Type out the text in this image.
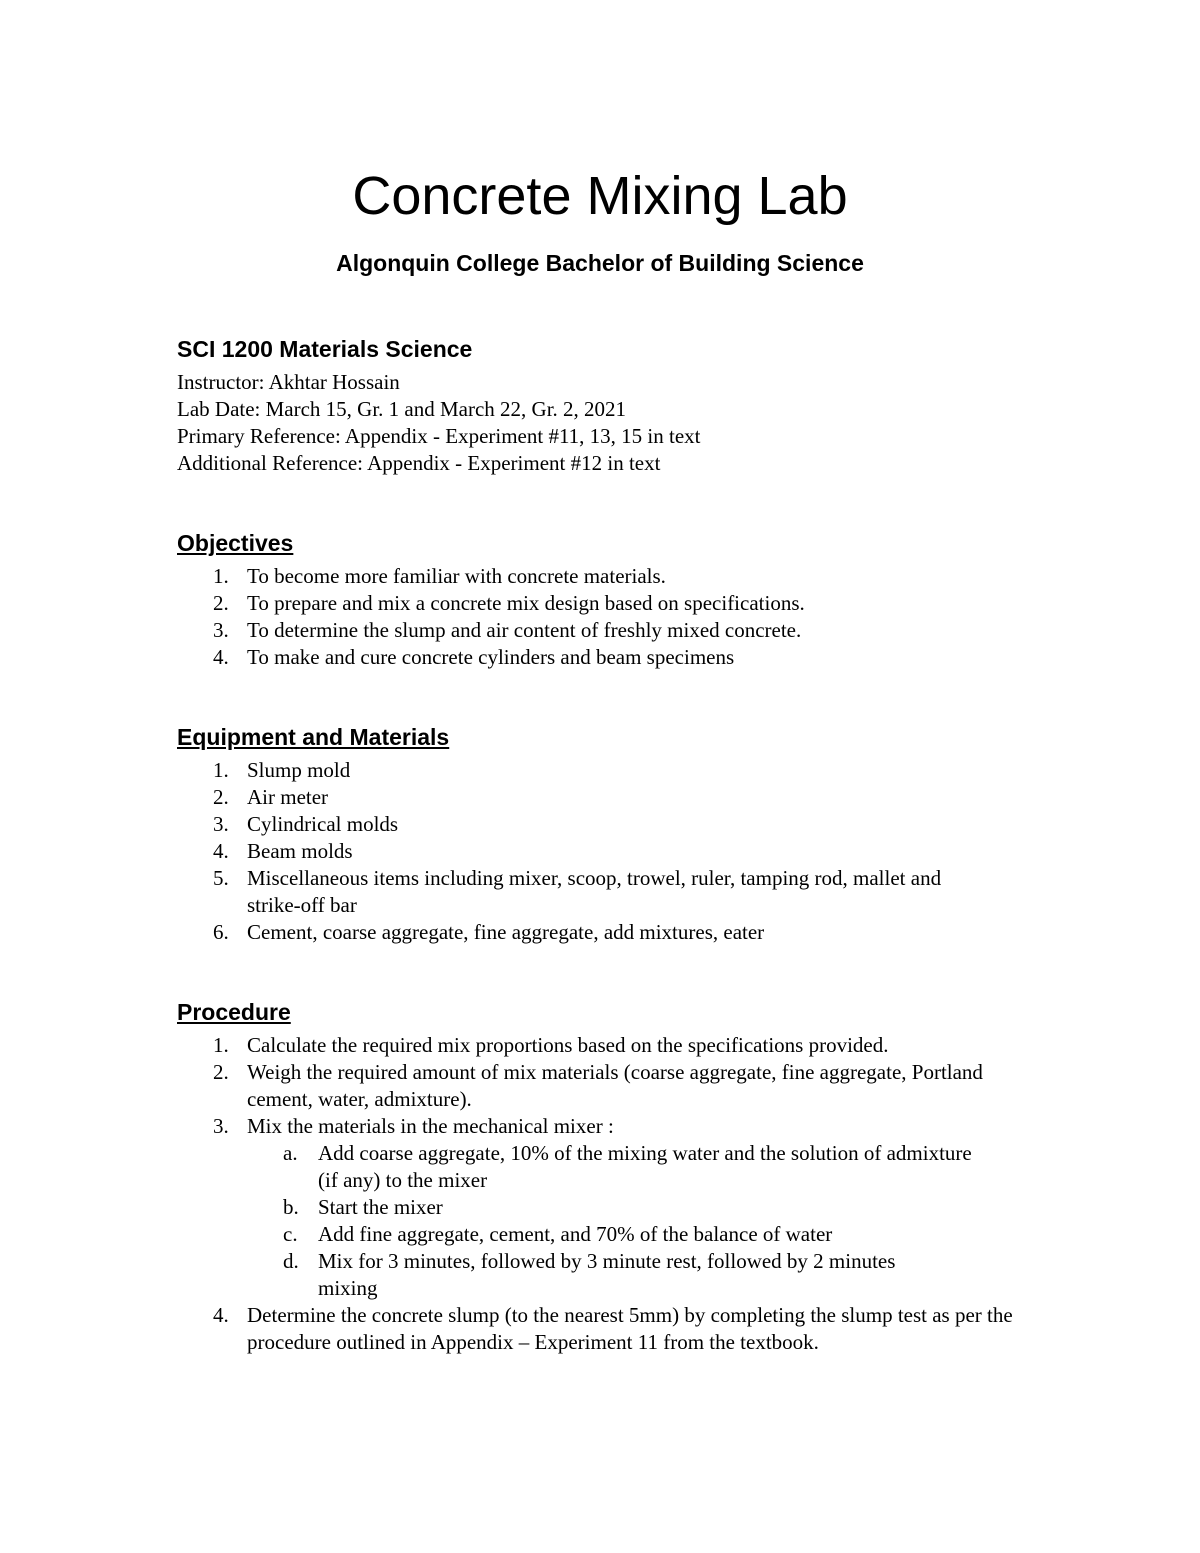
Concrete Mixing Lab
Algonquin College Bachelor of Building Science
SCI 1200 Materials Science
Instructor: Akhtar Hossain
Lab Date: March 15, Gr. 1 and March 22, Gr. 2, 2021
Primary Reference: Appendix - Experiment #11, 13, 15 in text
Additional Reference: Appendix - Experiment #12 in text
Objectives
1. To become more familiar with concrete materials.
2. To prepare and mix a concrete mix design based on specifications.
3. To determine the slump and air content of freshly mixed concrete.
4. To make and cure concrete cylinders and beam specimens
Equipment and Materials
1. Slump mold
2. Air meter
3. Cylindrical molds
4. Beam molds
5. Miscellaneous items including mixer, scoop, trowel, ruler, tamping rod, mallet and strike-off bar
6. Cement, coarse aggregate, fine aggregate, add mixtures, eater
Procedure
1. Calculate the required mix proportions based on the specifications provided.
2. Weigh the required amount of mix materials (coarse aggregate, fine aggregate, Portland cement, water, admixture).
3. Mix the materials in the mechanical mixer :
a. Add coarse aggregate, 10% of the mixing water and the solution of admixture (if any) to the mixer
b. Start the mixer
c. Add fine aggregate, cement, and 70% of the balance of water
d. Mix for 3 minutes, followed by 3 minute rest, followed by 2 minutes mixing
4. Determine the concrete slump (to the nearest 5mm) by completing the slump test as per the procedure outlined in Appendix – Experiment 11 from the textbook.
